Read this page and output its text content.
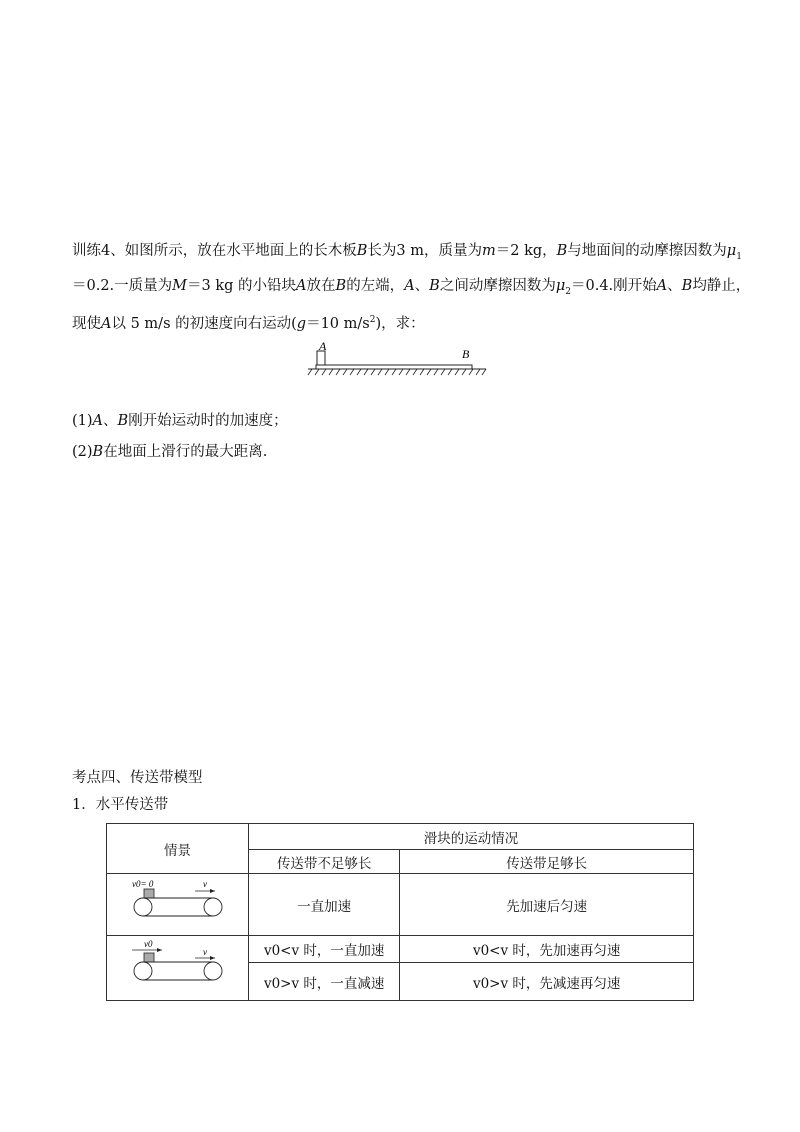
训练4、如图所示，放在水平地面上的长木板B长为3 m，质量为m＝2 kg，B与地面间的动摩擦因数为$\mu_1$
＝0.2.一质量为M＝3 kg 的小铅块A放在B的左端，A、B之间动摩擦因数为$\mu_2=0.4$.刚开始A、B均静止，
现使A以 5 m/s 的初速度向右运动(g＝10 $m/s^2$)，求：
A
B
(1)A、B刚开始运动时的加速度；
(2)B在地面上滑行的最大距离.
考点四、传送带模型
1．水平传送带
情景	滑块的运动情况	
	传送带不足够长	传送带足够长

v0= 0 v	一直加速	先加速后匀速

v0
v	v0<v 时，一直加速	v0<v 时，先加速再匀速
	v0>v 时，一直减速	v0>v 时，先减速再匀速
